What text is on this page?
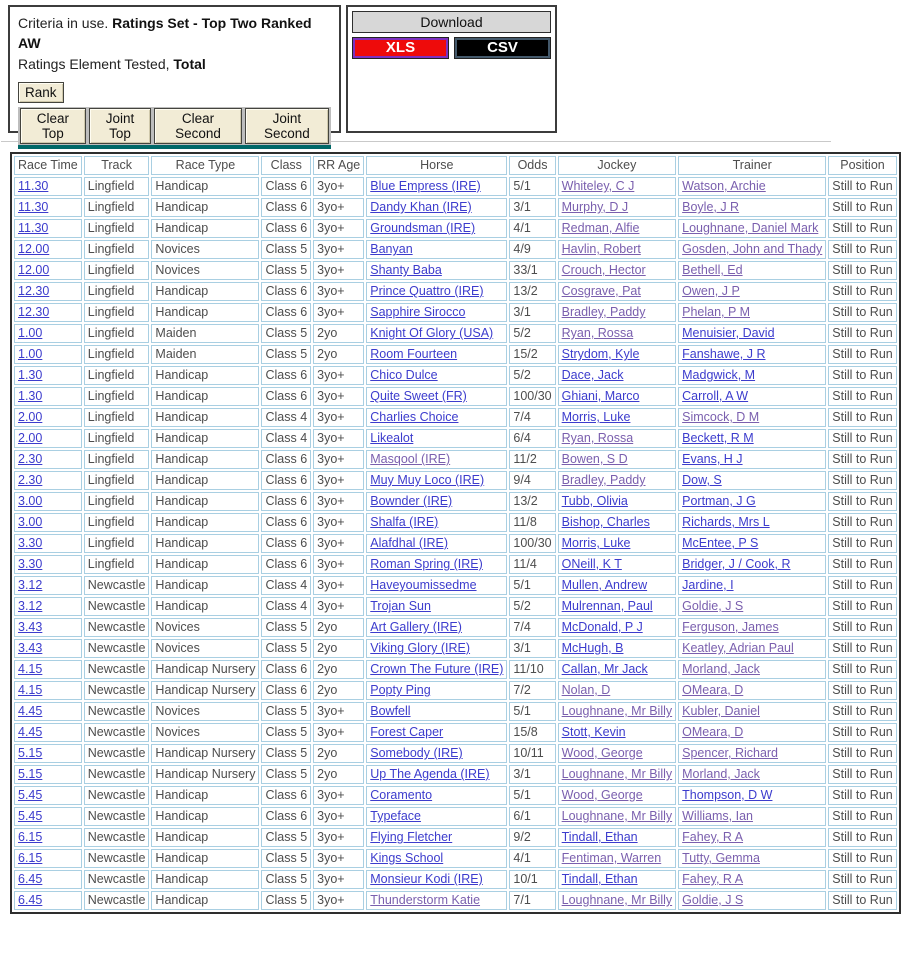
Criteria in use. Ratings Set - Top Two Ranked AW
Ratings Element Tested, Total
Rank
Clear Top
Joint Top
Clear Second
Joint Second
Download
XLS	CSV
Race Time	Track	Race Type	Class	RR Age	Horse	Odds	Jockey	Trainer	Position
11.30	Lingfield	Handicap	Class 6	3yo+	Blue Empress (IRE)	5/1	Whiteley, C J	Watson, Archie	Still to Run
11.30	Lingfield	Handicap	Class 6	3yo+	Dandy Khan (IRE)	3/1	Murphy, D J	Boyle, J R	Still to Run
11.30	Lingfield	Handicap	Class 6	3yo+	Groundsman (IRE)	4/1	Redman, Alfie	Loughnane, Daniel Mark	Still to Run
12.00	Lingfield	Novices	Class 5	3yo+	Banyan	4/9	Havlin, Robert	Gosden, John and Thady	Still to Run
12.00	Lingfield	Novices	Class 5	3yo+	Shanty Baba	33/1	Crouch, Hector	Bethell, Ed	Still to Run
12.30	Lingfield	Handicap	Class 6	3yo+	Prince Quattro (IRE)	13/2	Cosgrave, Pat	Owen, J P	Still to Run
12.30	Lingfield	Handicap	Class 6	3yo+	Sapphire Sirocco	3/1	Bradley, Paddy	Phelan, P M	Still to Run
1.00	Lingfield	Maiden	Class 5	2yo	Knight Of Glory (USA)	5/2	Ryan, Rossa	Menuisier, David	Still to Run
1.00	Lingfield	Maiden	Class 5	2yo	Room Fourteen	15/2	Strydom, Kyle	Fanshawe, J R	Still to Run
1.30	Lingfield	Handicap	Class 6	3yo+	Chico Dulce	5/2	Dace, Jack	Madgwick, M	Still to Run
1.30	Lingfield	Handicap	Class 6	3yo+	Quite Sweet (FR)	100/30	Ghiani, Marco	Carroll, A W	Still to Run
2.00	Lingfield	Handicap	Class 4	3yo+	Charlies Choice	7/4	Morris, Luke	Simcock, D M	Still to Run
2.00	Lingfield	Handicap	Class 4	3yo+	Likealot	6/4	Ryan, Rossa	Beckett, R M	Still to Run
2.30	Lingfield	Handicap	Class 6	3yo+	Masqool (IRE)	11/2	Bowen, S D	Evans, H J	Still to Run
2.30	Lingfield	Handicap	Class 6	3yo+	Muy Muy Loco (IRE)	9/4	Bradley, Paddy	Dow, S	Still to Run
3.00	Lingfield	Handicap	Class 6	3yo+	Bownder (IRE)	13/2	Tubb, Olivia	Portman, J G	Still to Run
3.00	Lingfield	Handicap	Class 6	3yo+	Shalfa (IRE)	11/8	Bishop, Charles	Richards, Mrs L	Still to Run
3.30	Lingfield	Handicap	Class 6	3yo+	Alafdhal (IRE)	100/30	Morris, Luke	McEntee, P S	Still to Run
3.30	Lingfield	Handicap	Class 6	3yo+	Roman Spring (IRE)	11/4	ONeill, K T	Bridger, J / Cook, R	Still to Run
3.12	Newcastle	Handicap	Class 4	3yo+	Haveyoumissedme	5/1	Mullen, Andrew	Jardine, I	Still to Run
3.12	Newcastle	Handicap	Class 4	3yo+	Trojan Sun	5/2	Mulrennan, Paul	Goldie, J S	Still to Run
3.43	Newcastle	Novices	Class 5	2yo	Art Gallery (IRE)	7/4	McDonald, P J	Ferguson, James	Still to Run
3.43	Newcastle	Novices	Class 5	2yo	Viking Glory (IRE)	3/1	McHugh, B	Keatley, Adrian Paul	Still to Run
4.15	Newcastle	Handicap Nursery	Class 6	2yo	Crown The Future (IRE)	11/10	Callan, Mr Jack	Morland, Jack	Still to Run
4.15	Newcastle	Handicap Nursery	Class 6	2yo	Popty Ping	7/2	Nolan, D	OMeara, D	Still to Run
4.45	Newcastle	Novices	Class 5	3yo+	Bowfell	5/1	Loughnane, Mr Billy	Kubler, Daniel	Still to Run
4.45	Newcastle	Novices	Class 5	3yo+	Forest Caper	15/8	Stott, Kevin	OMeara, D	Still to Run
5.15	Newcastle	Handicap Nursery	Class 5	2yo	Somebody (IRE)	10/11	Wood, George	Spencer, Richard	Still to Run
5.15	Newcastle	Handicap Nursery	Class 5	2yo	Up The Agenda (IRE)	3/1	Loughnane, Mr Billy	Morland, Jack	Still to Run
5.45	Newcastle	Handicap	Class 6	3yo+	Coramento	5/1	Wood, George	Thompson, D W	Still to Run
5.45	Newcastle	Handicap	Class 6	3yo+	Typeface	6/1	Loughnane, Mr Billy	Williams, Ian	Still to Run
6.15	Newcastle	Handicap	Class 5	3yo+	Flying Fletcher	9/2	Tindall, Ethan	Fahey, R A	Still to Run
6.15	Newcastle	Handicap	Class 5	3yo+	Kings School	4/1	Fentiman, Warren	Tutty, Gemma	Still to Run
6.45	Newcastle	Handicap	Class 5	3yo+	Monsieur Kodi (IRE)	10/1	Tindall, Ethan	Fahey, R A	Still to Run
6.45	Newcastle	Handicap	Class 5	3yo+	Thunderstorm Katie	7/1	Loughnane, Mr Billy	Goldie, J S	Still to Run
